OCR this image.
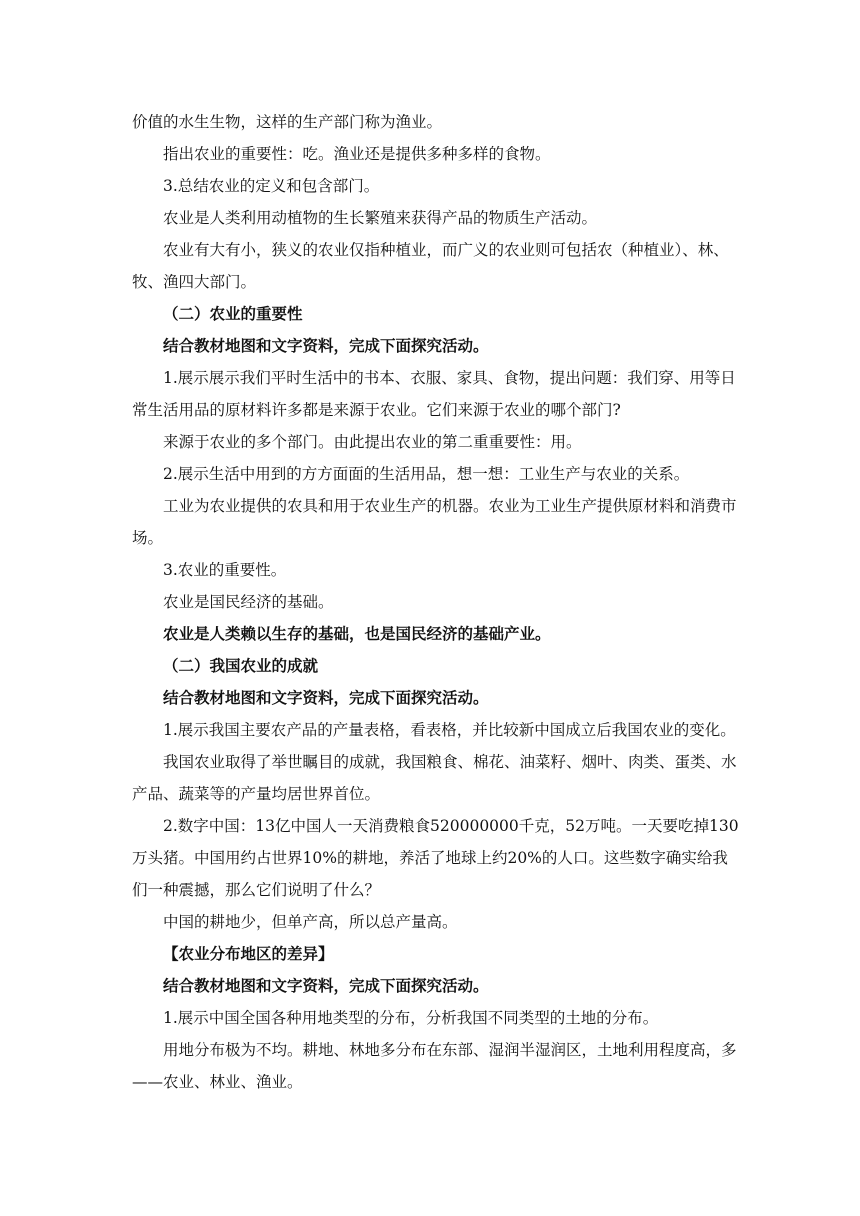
价值的水生生物，这样的生产部门称为渔业。

指出农业的重要性：吃。渔业还是提供多种多样的食物。

3.总结农业的定义和包含部门。

农业是人类利用动植物的生长繁殖来获得产品的物质生产活动。

农业有大有小，狭义的农业仅指种植业，而广义的农业则可包括农（种植业）、林、牧、渔四大部门。

（二）农业的重要性

结合教材地图和文字资料，完成下面探究活动。

1.展示展示我们平时生活中的书本、衣服、家具、食物，提出问题：我们穿、用等日常生活用品的原材料许多都是来源于农业。它们来源于农业的哪个部门?

来源于农业的多个部门。由此提出农业的第二重重要性：用。

2.展示生活中用到的方方面面的生活用品，想一想：工业生产与农业的关系。

工业为农业提供的农具和用于农业生产的机器。农业为工业生产提供原材料和消费市场。

3.农业的重要性。

农业是国民经济的基础。

农业是人类赖以生存的基础，也是国民经济的基础产业。

（二）我国农业的成就

结合教材地图和文字资料，完成下面探究活动。

1.展示我国主要农产品的产量表格，看表格，并比较新中国成立后我国农业的变化。

我国农业取得了举世瞩目的成就，我国粮食、棉花、油菜籽、烟叶、肉类、蛋类、水产品、蔬菜等的产量均居世界首位。

2.数字中国：13亿中国人一天消费粮食520000000千克，52万吨。一天要吃掉130万头猪。中国用约占世界10%的耕地，养活了地球上约20%的人口。这些数字确实给我们一种震撼，那么它们说明了什么？

中国的耕地少，但单产高，所以总产量高。

【农业分布地区的差异】

结合教材地图和文字资料，完成下面探究活动。

1.展示中国全国各种用地类型的分布，分析我国不同类型的土地的分布。

用地分布极为不均。耕地、林地多分布在东部、湿润半湿润区，土地利用程度高，多——农业、林业、渔业。
